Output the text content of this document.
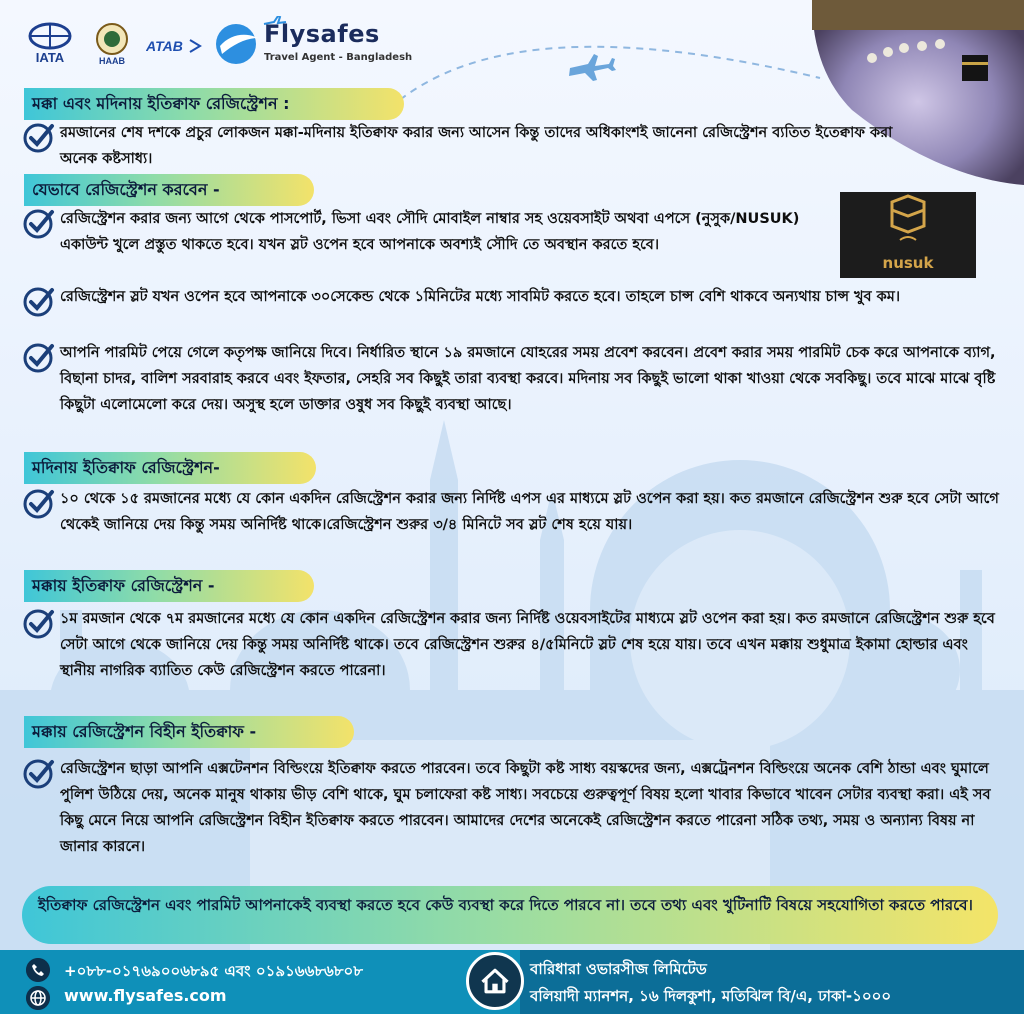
IATA	HAAB
ATAB	Flysafes
Travel Agent - Bangladesh
nusuk
মক্কা এবং মদিনায় ইতিক্বাফ রেজিস্ট্রেশন :
রমজানের শেষ দশকে প্রচুর লোকজন মক্কা-মদিনায় ইতিক্বাফ করার জন্য আসেন কিন্তু তাদের অধিকাংশই জানেনা রেজিস্ট্রেশন ব্যতিত ইতেক্বাফ করা অনেক কষ্টসাধ্য।
যেভাবে রেজিস্ট্রেশন করবেন -
রেজিস্ট্রেশন করার জন্য আগে থেকে পাসপোর্ট, ভিসা এবং সৌদি মোবাইল নাম্বার সহ ওয়েবসাইট অথবা এপসে (নুসুক/NUSUK) একাউন্ট খুলে প্রস্তুত থাকতে হবে। যখন স্লট ওপেন হবে আপনাকে অবশ্যই সৌদি তে অবস্থান করতে হবে।
রেজিস্ট্রেশন স্লট যখন ওপেন হবে আপনাকে ৩০সেকেন্ড থেকে ১মিনিটের মধ্যে সাবমিট করতে হবে। তাহলে চান্স বেশি থাকবে অন্যথায় চান্স খুব কম।
আপনি পারমিট পেয়ে গেলে কতৃপক্ষ জানিয়ে দিবে। নির্ধারিত স্থানে ১৯ রমজানে যোহরের সময় প্রবেশ করবেন। প্রবেশ করার সময় পারমিট চেক করে আপনাকে ব্যাগ, বিছানা চাদর, বালিশ সরবারাহ করবে এবং ইফতার, সেহরি সব কিছুই তারা ব্যবস্থা করবে। মদিনায় সব কিছুই ভালো থাকা খাওয়া থেকে সবকিছু। তবে মাঝে মাঝে বৃষ্টি কিছুটা এলোমেলো করে দেয়। অসুস্থ হলে ডাক্তার ওষুধ সব কিছুই ব্যবস্থা আছে।
মদিনায় ইতিক্বাফ রেজিস্ট্রেশন-
১০ থেকে ১৫ রমজানের মধ্যে যে কোন একদিন রেজিস্ট্রেশন করার জন্য নির্দিষ্ট এপস এর মাধ্যমে স্লট ওপেন করা হয়। কত রমজানে রেজিস্ট্রেশন শুরু হবে সেটা আগে থেকেই জানিয়ে দেয় কিন্তু সময় অনির্দিষ্ট থাকে।রেজিস্ট্রেশন শুরুর ৩/৪ মিনিটে সব স্লট শেষ হয়ে যায়।
মক্কায় ইতিক্বাফ রেজিস্ট্রেশন -
১ম রমজান থেকে ৭ম রমজানের মধ্যে যে কোন একদিন রেজিস্ট্রেশন করার জন্য নির্দিষ্ট ওয়েবসাইটের মাধ্যমে স্লট ওপেন করা হয়। কত রমজানে রেজিস্ট্রেশন শুরু হবে সেটা আগে থেকে জানিয়ে দেয় কিন্তু সময় অনির্দিষ্ট থাকে। তবে রেজিস্ট্রেশন শুরুর ৪/৫মিনিটে স্লট শেষ হয়ে যায়। তবে এখন মক্কায় শুধুমাত্র ইকামা হোল্ডার এবং স্থানীয় নাগরিক ব্যাতিত কেউ রেজিস্ট্রেশন করতে পারেনা।
মক্কায় রেজিস্ট্রেশন বিহীন ইতিক্বাফ -
রেজিস্ট্রেশন ছাড়া আপনি এক্সটেনশন বিল্ডিংয়ে ইতিক্বাফ করতে পারবেন। তবে কিছুটা কষ্ট সাধ্য বয়স্কদের জন্য, এক্সট্রেনশন বিল্ডিংয়ে অনেক বেশি ঠান্ডা এবং ঘুমালে পুলিশ উঠিয়ে দেয়, অনেক মানুষ থাকায় ভীড় বেশি থাকে, ঘুম চলাফেরা কষ্ট সাধ্য। সবচেয়ে গুরুত্বপূর্ণ বিষয় হলো খাবার কিভাবে খাবেন সেটার ব্যবস্থা করা। এই সব কিছু মেনে নিয়ে আপনি রেজিস্ট্রেশন বিহীন ইতিক্বাফ করতে পারবেন। আমাদের দেশের অনেকেই রেজিস্ট্রেশন করতে পারেনা সঠিক তথ্য, সময় ও অন্যান্য বিষয় না জানার কারনে।
ইতিক্বাফ রেজিস্ট্রেশন এবং পারমিট আপনাকেই ব্যবস্থা করতে হবে কেউ ব্যবস্থা করে দিতে পারবে না। তবে তথ্য এবং খুটিনাটি বিষয়ে সহযোগিতা করতে পারবে।
+০৮৮-০১৭৬৯০০৬৮৯৫ এবং ০১৯১৬৬৮৬৮০৮
www.flysafes.com
বারিধারা ওভারসীজ লিমিটেড
বলিয়াদী ম্যানশন, ১৬ দিলকুশা, মতিঝিল বি/এ, ঢাকা-১০০০
